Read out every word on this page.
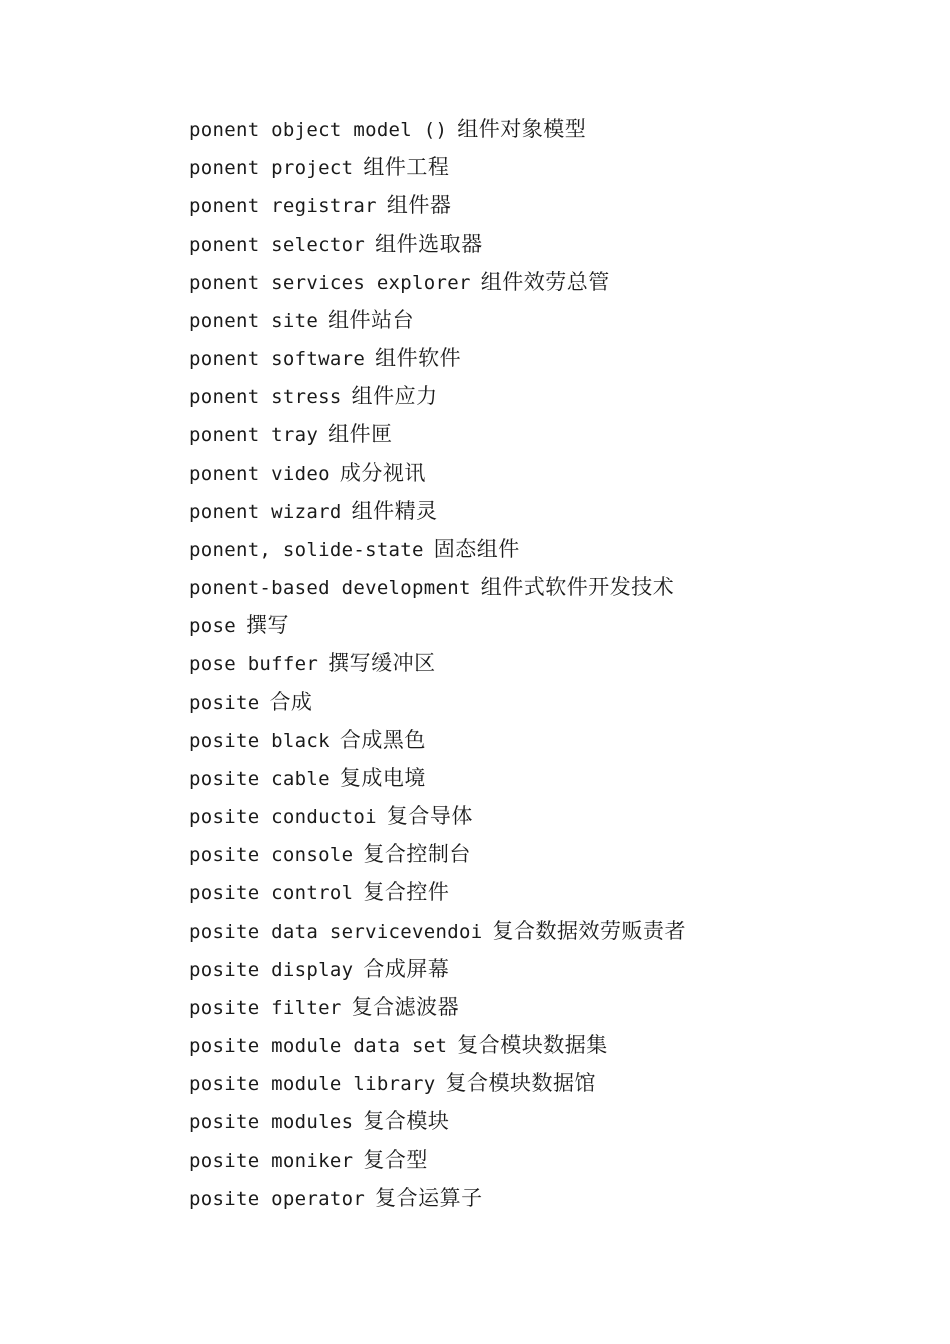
ponent object model () 组件对象模型
ponent project 组件工程
ponent registrar 组件器
ponent selector 组件选取器
ponent services explorer 组件效劳总管
ponent site 组件站台
ponent software 组件软件
ponent stress 组件应力
ponent tray 组件匣
ponent video 成分视讯
ponent wizard 组件精灵
ponent, solide-state 固态组件
ponent-based development 组件式软件开发技术
pose 撰写
pose buffer 撰写缓冲区
posite 合成
posite black 合成黑色
posite cable 复成电境
posite conductoi 复合导体
posite console 复合控制台
posite control 复合控件
posite data servicevendoi 复合数据效劳贩责者
posite display 合成屏幕
posite filter 复合滤波器
posite module data set 复合模块数据集
posite module library 复合模块数据馆
posite modules 复合模块
posite moniker 复合型
posite operator 复合运算子
